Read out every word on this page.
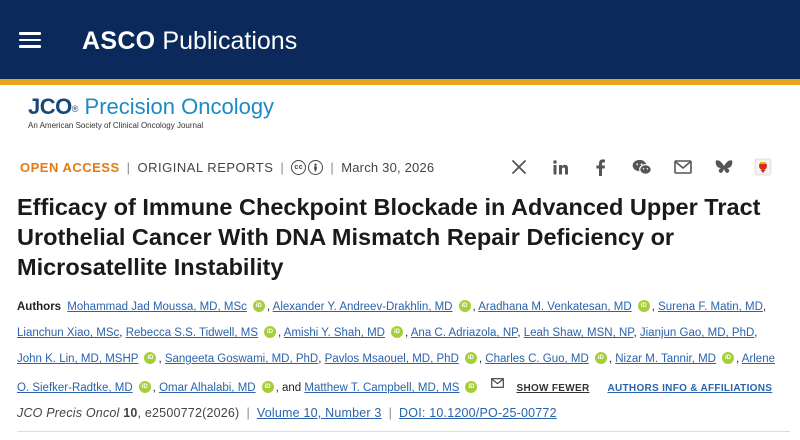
ASCO Publications
JCO® Precision Oncology
An American Society of Clinical Oncology Journal
OPEN ACCESS | ORIGINAL REPORTS |	cc | March 30, 2026
Efficacy of Immune Checkpoint Blockade in Advanced Upper Tract Urothelial Cancer With DNA Mismatch Repair Deficiency or Microsatellite Instability
Authors Mohammad Jad Moussa, MD, MSc iD , Alexander Y. Andreev-Drakhlin, MD iD , Aradhana M. Venkatesan, MD iD , Surena F. Matin, MD, Lianchun Xiao, MSc, Rebecca S.S. Tidwell, MS iD , Amishi Y. Shah, MD iD , Ana C. Adriazola, NP, Leah Shaw, MSN, NP, Jianjun Gao, MD, PhD, John K. Lin, MD, MSHP iD , Sangeeta Goswami, MD, PhD, Pavlos Msaouel, MD, PhD iD , Charles C. Guo, MD iD , Nizar M. Tannir, MD iD , Arlene O. Siefker-Radtke, MD iD , Omar Alhalabi, MD iD , and Matthew T. Campbell, MD, MS iD	SHOW FEWER AUTHORS INFO & AFFILIATIONS
JCO Precis Oncol
10 , e2500772(2026) | Volume 10, Number 3 | DOI: 10.1200/PO-25-00772
